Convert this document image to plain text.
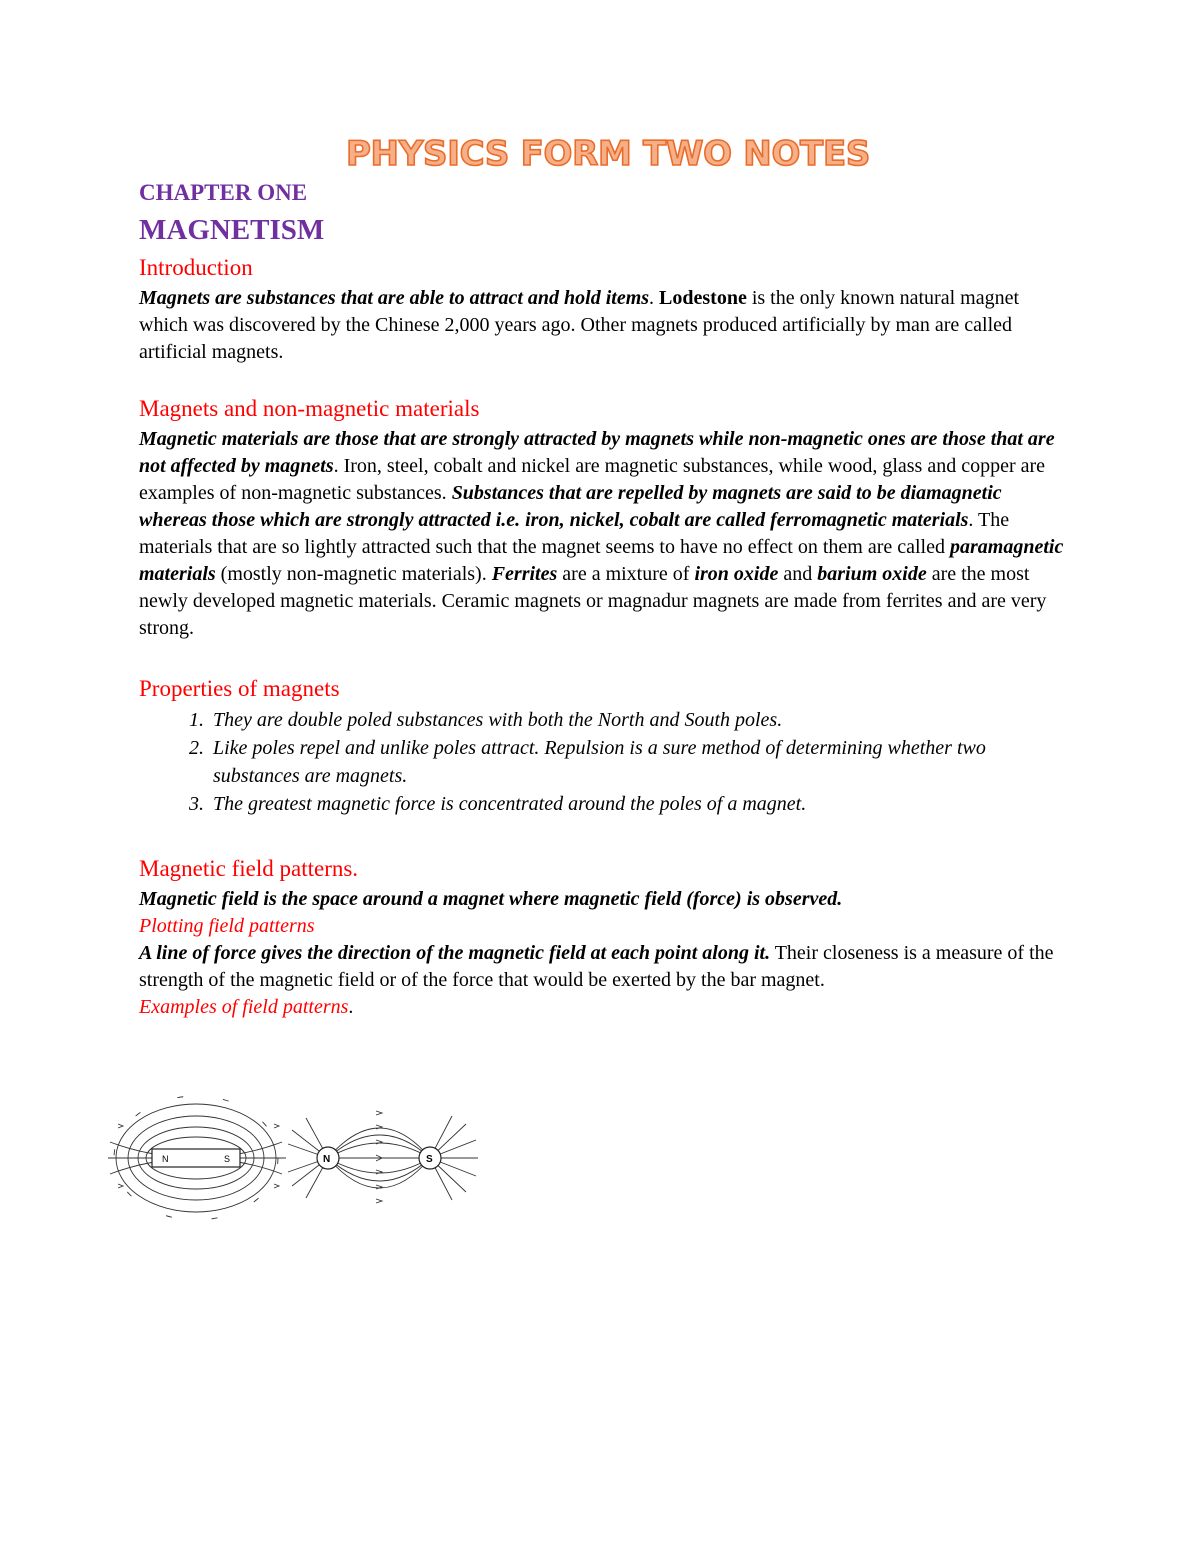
PHYSICS FORM TWO NOTES

CHAPTER ONE

MAGNETISM

Introduction

Magnets are substances that are able to attract and hold items. Lodestone is the only known natural magnet which was discovered by the Chinese 2,000 years ago. Other magnets produced artificially by man are called artificial magnets.

Magnets and non-magnetic materials

Magnetic materials are those that are strongly attracted by magnets while non-magnetic ones are those that are not affected by magnets. Iron, steel, cobalt and nickel are magnetic substances, while wood, glass and copper are examples of non-magnetic substances. Substances that are repelled by magnets are said to be diamagnetic whereas those which are strongly attracted i.e. iron, nickel, cobalt are called ferromagnetic materials. The materials that are so lightly attracted such that the magnet seems to have no effect on them are called paramagnetic materials (mostly non-magnetic materials). Ferrites are a mixture of iron oxide and barium oxide are the most newly developed magnetic materials. Ceramic magnets or magnadur magnets are made from ferrites and are very strong.

Properties of magnets
1. They are double poled substances with both the North and South poles.
2. Like poles repel and unlike poles attract. Repulsion is a sure method of determining whether two substances are magnets.
3. The greatest magnetic force is concentrated around the poles of a magnet.
Magnetic field patterns.

Magnetic field is the space around a magnet where magnetic field (force) is observed.

Plotting field patterns

A line of force gives the direction of the magnetic field at each point along it. Their closeness is a measure of the strength of the magnetic field or of the force that would be exerted by the bar magnet.

Examples of field patterns.

N	S	N	S
